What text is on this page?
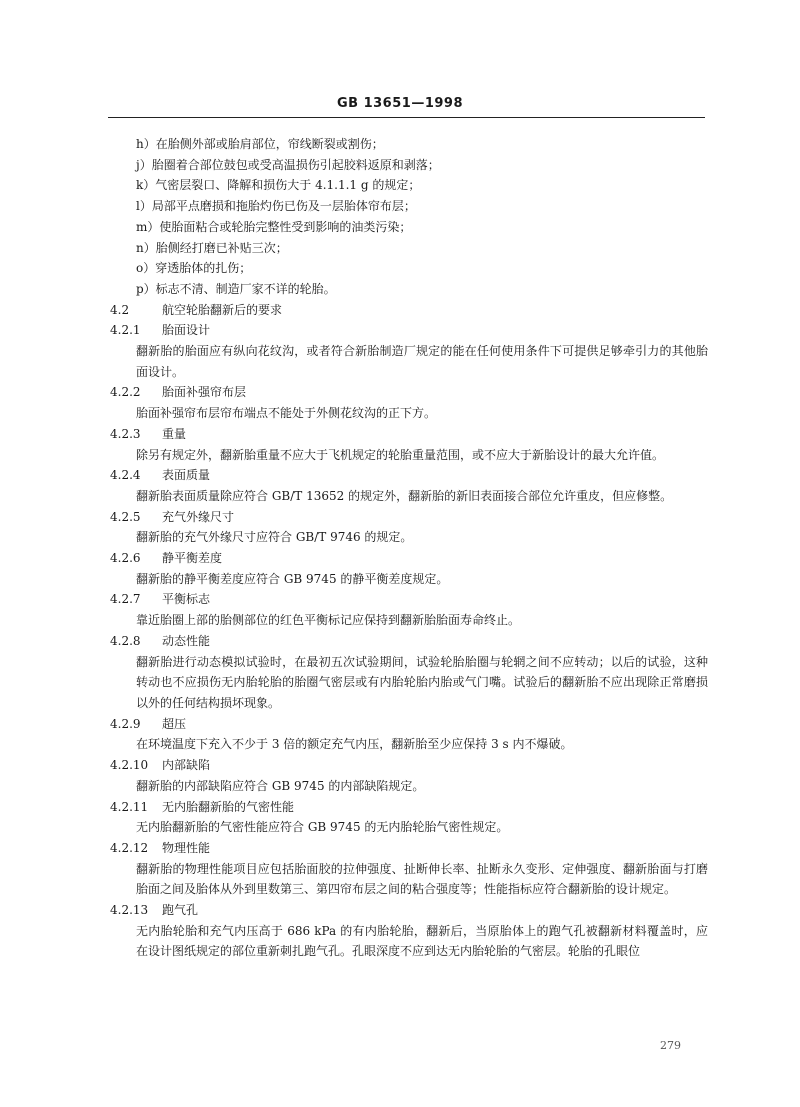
GB 13651—1998

h）在胎侧外部或胎肩部位，帘线断裂或割伤；

j）胎圈着合部位鼓包或受高温损伤引起胶料返原和剥落；

k）气密层裂口、降解和损伤大于 4.1.1.1 g 的规定；

l）局部平点磨损和拖胎灼伤已伤及一层胎体帘布层；

m）使胎面粘合或轮胎完整性受到影响的油类污染；

n）胎侧经打磨已补贴三次；

o）穿透胎体的扎伤；

p）标志不清、制造厂家不详的轮胎。

4.2	航空轮胎翻新后的要求

4.2.1 胎面设计

翻新胎的胎面应有纵向花纹沟，或者符合新胎制造厂规定的能在任何使用条件下可提供足够牵引力的其他胎面设计。

4.2.2 胎面补强帘布层

胎面补强帘布层帘布端点不能处于外侧花纹沟的正下方。

4.2.3 重量

除另有规定外，翻新胎重量不应大于飞机规定的轮胎重量范围，或不应大于新胎设计的最大允许值。

4.2.4 表面质量

翻新胎表面质量除应符合 GB/T 13652 的规定外，翻新胎的新旧表面接合部位允许重皮，但应修整。

4.2.5 充气外缘尺寸

翻新胎的充气外缘尺寸应符合 GB/T 9746 的规定。

4.2.6 静平衡差度

翻新胎的静平衡差度应符合 GB 9745 的静平衡差度规定。

4.2.7 平衡标志

靠近胎圈上部的胎侧部位的红色平衡标记应保持到翻新胎胎面寿命终止。

4.2.8 动态性能

翻新胎进行动态模拟试验时，在最初五次试验期间，试验轮胎胎圈与轮辋之间不应转动；以后的试验，这种转动也不应损伤无内胎轮胎的胎圈气密层或有内胎轮胎内胎或气门嘴。试验后的翻新胎不应出现除正常磨损以外的任何结构损坏现象。

4.2.9 超压

在环境温度下充入不少于 3 倍的额定充气内压，翻新胎至少应保持 3 s 内不爆破。

4.2.10 内部缺陷

翻新胎的内部缺陷应符合 GB 9745 的内部缺陷规定。

4.2.11 无内胎翻新胎的气密性能

无内胎翻新胎的气密性能应符合 GB 9745 的无内胎轮胎气密性规定。

4.2.12 物理性能

翻新胎的物理性能项目应包括胎面胶的拉伸强度、扯断伸长率、扯断永久变形、定伸强度、翻新胎面与打磨胎面之间及胎体从外到里数第三、第四帘布层之间的粘合强度等；性能指标应符合翻新胎的设计规定。

4.2.13 跑气孔

无内胎轮胎和充气内压高于 686 kPa 的有内胎轮胎，翻新后，当原胎体上的跑气孔被翻新材料覆盖时，应在设计图纸规定的部位重新刺扎跑气孔。孔眼深度不应到达无内胎轮胎的气密层。轮胎的孔眼位

279
